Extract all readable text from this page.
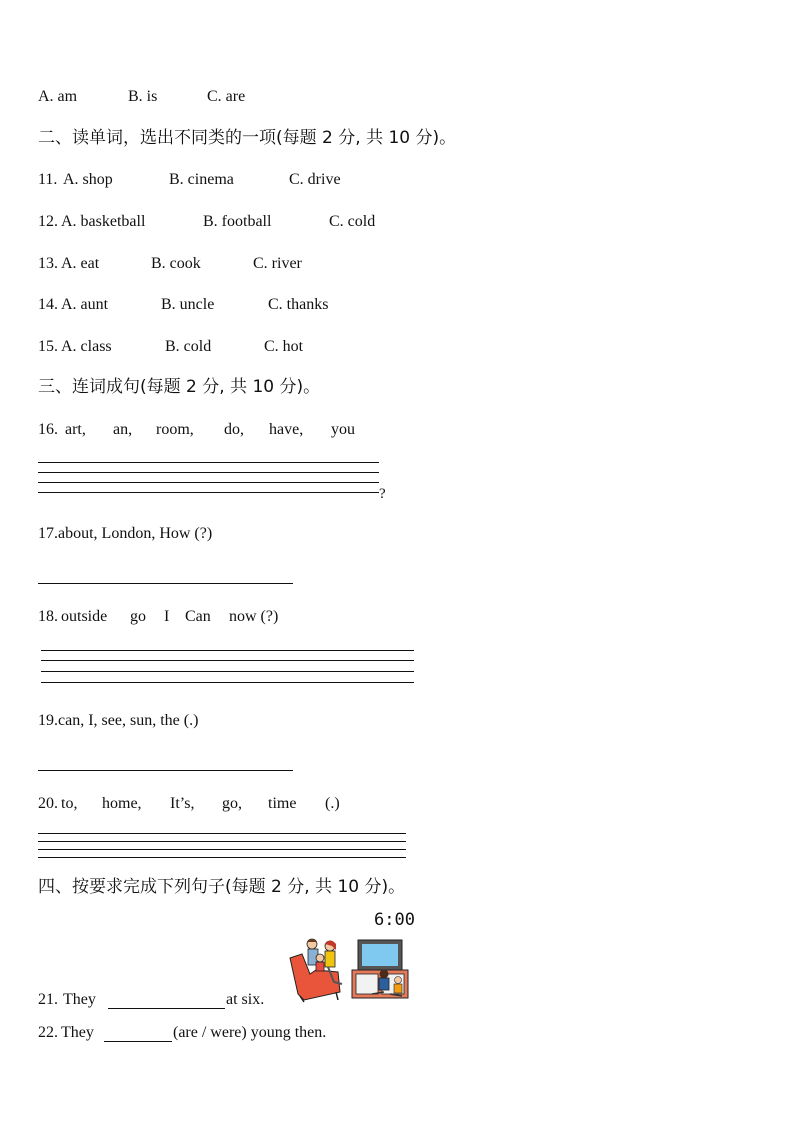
A. am	B. is	C. are
二、读单词，选出不同类的一项(每题 2 分, 共 10 分)。
11. A. shop	B. cinema	C. drive
12. A. basketball	B. football	C. cold
13. A. eat	B. cook	C. river
14. A. aunt	B. uncle	C. thanks
15. A. class	B. cold	C. hot
三、连词成句(每题 2 分, 共 10 分)。
16. art, an, room, do, have, you
?
17.about, London, How (?)
18. outside go I Can now (?)
19.can, I, see, sun, the (.)
20. to, home, It’s, go, time (.)
四、按要求完成下列句子(每题 2 分, 共 10 分)。
6:00
21. They	at six.
22. They	(are / were) young then.
